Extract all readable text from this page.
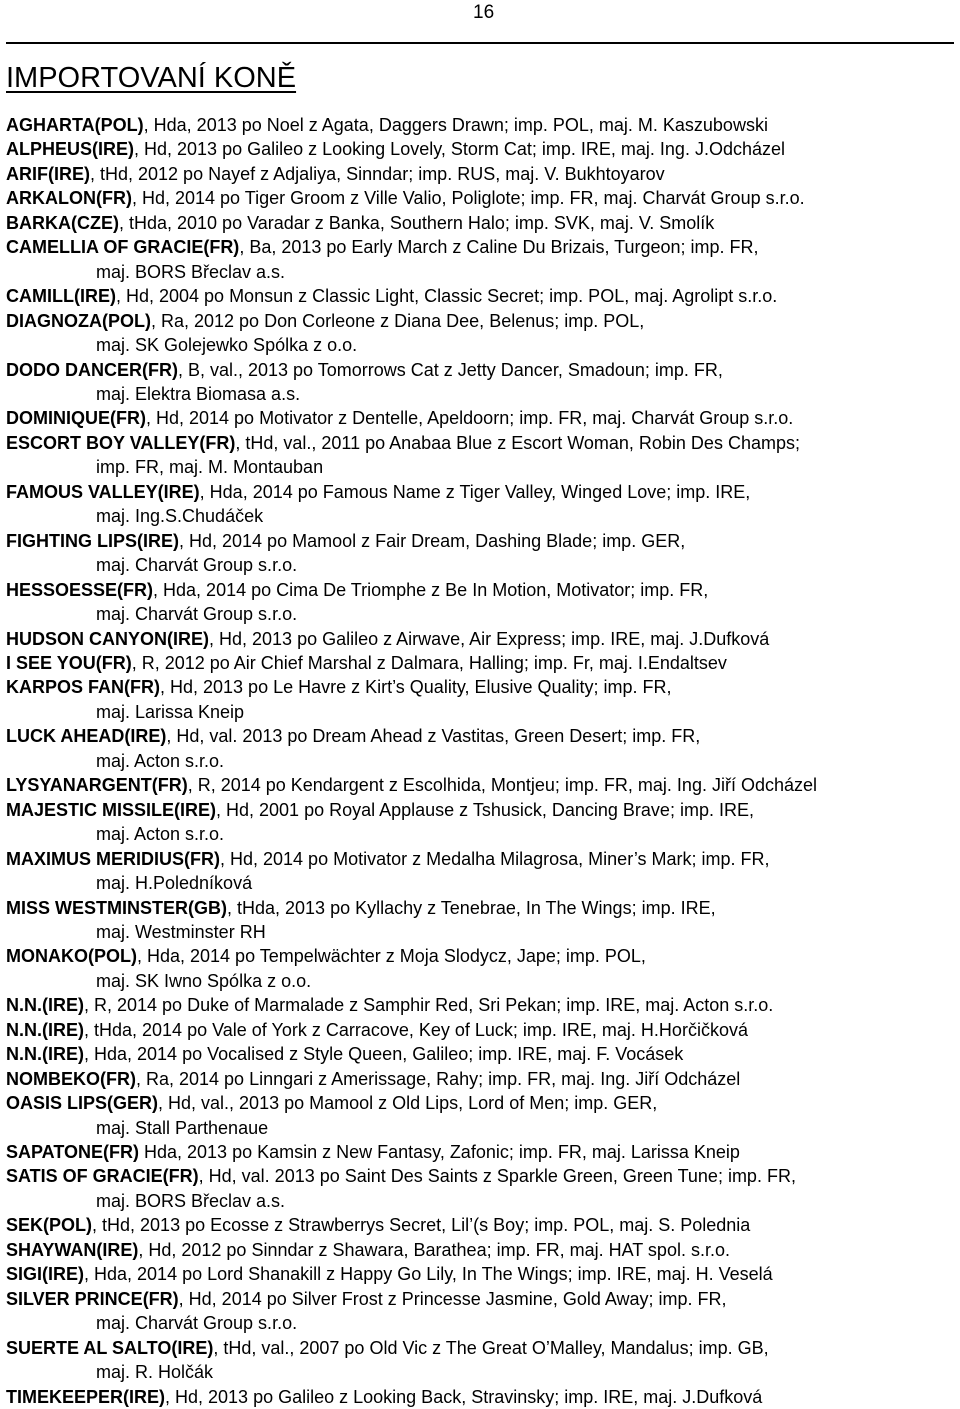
16
IMPORTOVANÍ KONĚ
AGHARTA(POL), Hda, 2013 po Noel z Agata, Daggers Drawn; imp. POL, maj. M. Kaszubowski
ALPHEUS(IRE), Hd, 2013 po Galileo z Looking Lovely, Storm Cat; imp. IRE, maj. Ing. J.Odcházel
ARIF(IRE), tHd, 2012 po Nayef z Adjaliya, Sinndar; imp. RUS, maj. V. Bukhtoyarov
ARKALON(FR), Hd, 2014 po Tiger Groom z Ville Valio, Poliglote; imp. FR, maj. Charvát Group s.r.o.
BARKA(CZE), tHda, 2010 po Varadar z Banka, Southern Halo; imp. SVK, maj. V. Smolík
CAMELLIA OF GRACIE(FR), Ba, 2013 po Early March z Caline Du Brizais, Turgeon; imp. FR,
maj. BORS Břeclav a.s.
CAMILL(IRE), Hd, 2004 po Monsun z Classic Light, Classic Secret; imp. POL, maj. Agrolipt s.r.o.
DIAGNOZA(POL), Ra, 2012 po Don Corleone z Diana Dee, Belenus; imp. POL,
maj. SK Golejewko Spólka z o.o.
DODO DANCER(FR), B, val., 2013 po Tomorrows Cat z Jetty Dancer, Smadoun; imp. FR,
maj. Elektra Biomasa a.s.
DOMINIQUE(FR), Hd, 2014 po Motivator z Dentelle, Apeldoorn; imp. FR, maj. Charvát Group s.r.o.
ESCORT BOY VALLEY(FR), tHd, val., 2011 po Anabaa Blue z Escort Woman, Robin Des Champs;
imp. FR, maj. M. Montauban
FAMOUS VALLEY(IRE), Hda, 2014 po Famous Name z Tiger Valley, Winged Love; imp. IRE,
maj. Ing.S.Chudáček
FIGHTING LIPS(IRE), Hd, 2014 po Mamool z Fair Dream, Dashing Blade; imp. GER,
maj. Charvát Group s.r.o.
HESSOESSE(FR), Hda, 2014 po Cima De Triomphe z Be In Motion, Motivator; imp. FR,
maj. Charvát Group s.r.o.
HUDSON CANYON(IRE), Hd, 2013 po Galileo z Airwave, Air Express; imp. IRE, maj. J.Dufková
I SEE YOU(FR), R, 2012 po Air Chief Marshal z Dalmara, Halling; imp. Fr, maj. I.Endaltsev
KARPOS FAN(FR), Hd, 2013 po Le Havre z Kirt’s Quality, Elusive Quality; imp. FR,
maj. Larissa Kneip
LUCK AHEAD(IRE), Hd, val. 2013 po Dream Ahead z Vastitas, Green Desert; imp. FR,
maj. Acton s.r.o.
LYSYANARGENT(FR), R, 2014 po Kendargent z Escolhida, Montjeu; imp. FR, maj. Ing. Jiří Odcházel
MAJESTIC MISSILE(IRE), Hd, 2001 po Royal Applause z Tshusick, Dancing Brave; imp. IRE,
maj. Acton s.r.o.
MAXIMUS MERIDIUS(FR), Hd, 2014 po Motivator z Medalha Milagrosa, Miner’s Mark; imp. FR,
maj. H.Poledníková
MISS WESTMINSTER(GB), tHda, 2013 po Kyllachy z Tenebrae, In The Wings; imp. IRE,
maj. Westminster RH
MONAKO(POL), Hda, 2014 po Tempelwächter z Moja Slodycz, Jape; imp. POL,
maj. SK Iwno Spólka z o.o.
N.N.(IRE), R, 2014 po Duke of Marmalade z Samphir Red, Sri Pekan; imp. IRE, maj. Acton s.r.o.
N.N.(IRE), tHda, 2014 po Vale of York z Carracove, Key of Luck; imp. IRE, maj. H.Horčičková
N.N.(IRE), Hda, 2014 po Vocalised z Style Queen, Galileo; imp. IRE, maj. F. Vocásek
NOMBEKO(FR), Ra, 2014 po Linngari z Amerissage, Rahy; imp. FR, maj. Ing. Jiří Odcházel
OASIS LIPS(GER), Hd, val., 2013 po Mamool z Old Lips, Lord of Men; imp. GER,
maj. Stall Parthenaue
SAPATONE(FR) Hda, 2013 po Kamsin z New Fantasy, Zafonic; imp. FR, maj. Larissa Kneip
SATIS OF GRACIE(FR), Hd, val. 2013 po Saint Des Saints z Sparkle Green, Green Tune; imp. FR,
maj. BORS Břeclav a.s.
SEK(POL), tHd, 2013 po Ecosse z Strawberrys Secret, Lil’(s Boy; imp. POL, maj. S. Polednia
SHAYWAN(IRE), Hd, 2012 po Sinndar z Shawara, Barathea; imp. FR, maj. HAT spol. s.r.o.
SIGI(IRE), Hda, 2014 po Lord Shanakill z Happy Go Lily, In The Wings; imp. IRE, maj. H. Veselá
SILVER PRINCE(FR), Hd, 2014 po Silver Frost z Princesse Jasmine, Gold Away; imp. FR,
maj. Charvát Group s.r.o.
SUERTE AL SALTO(IRE), tHd, val., 2007 po Old Vic z The Great O’Malley, Mandalus; imp. GB,
maj. R. Holčák
TIMEKEEPER(IRE), Hd, 2013 po Galileo z Looking Back, Stravinsky; imp. IRE, maj. J.Dufková
